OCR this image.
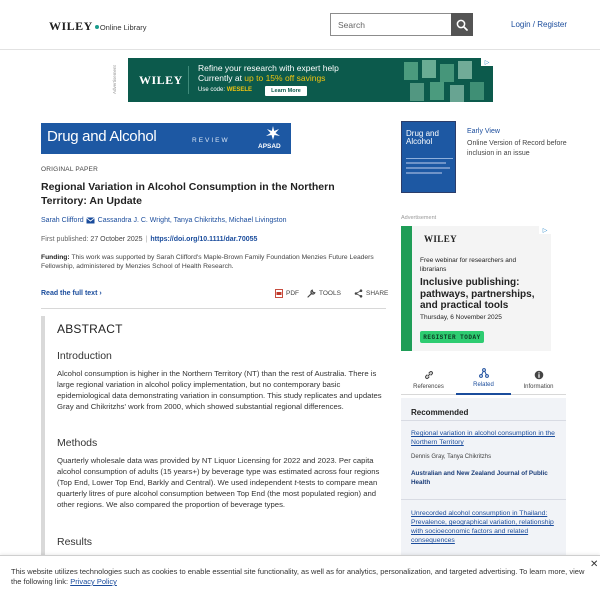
WILEY Online Library
Search	Login / Register
Advertisement WILEY
Refine your research with expert help
Currently at up to 15% off savings
Use code: WESELE	Learn More
▷
Drug and Alcohol	REVIEW
APSAD
ORIGINAL PAPER
Regional Variation in Alcohol Consumption in the Northern Territory: An Update
Sarah Clifford Cassandra J. C. Wright, Tanya Chikritzhs, Michael Livingston
First published: 27 October 2025 | https://doi.org/10.1111/dar.70055
Funding: This work was supported by Sarah Clifford's Maple-Brown Family Foundation Menzies Future Leaders Fellowship, administered by Menzies School of Health Research.
Read the full text ›	PDF	TOOLS	SHARE
ABSTRACT
Introduction

Alcohol consumption is higher in the Northern Territory (NT) than the rest of Australia. There is large regional variation in alcohol policy implementation, but no contemporary basic epidemiological data demonstrating variation in consumption. This study replicates and updates Gray and Chikritzhs' work from 2000, which showed substantial regional differences.

Methods

Quarterly wholesale data was provided by NT Liquor Licensing for 2022 and 2023. Per capita alcohol consumption of adults (15 years+) by beverage type was estimated across four regions (Top End, Lower Top End, Barkly and Central). We used independent t-tests to compare mean quarterly litres of pure alcohol consumption between Top End (the most populated region) and other regions. We also compared the proportion of beverage types.

Results
Drug and Alcohol
Early View
Online Version of Record before inclusion in an issue
Advertisement
WILEY
Free webinar for researchers and librarians
Inclusive publishing: pathways, partnerships, and practical tools
Thursday, 6 November 2025
REGISTER TODAY
▷
References	Related	Information
Recommended
Regional variation in alcohol consumption in the Northern Territory
Dennis Gray, Tanya Chikritzhs
Australian and New Zealand Journal of Public Health
Unrecorded alcohol consumption in Thailand: Prevalence, geographical variation, relationship with socioeconomic factors and related consequences

This website utilizes technologies such as cookies to enable essential site functionality, as well as for analytics, personalization, and targeted advertising. To learn more, view the following link: Privacy Policy

✕
